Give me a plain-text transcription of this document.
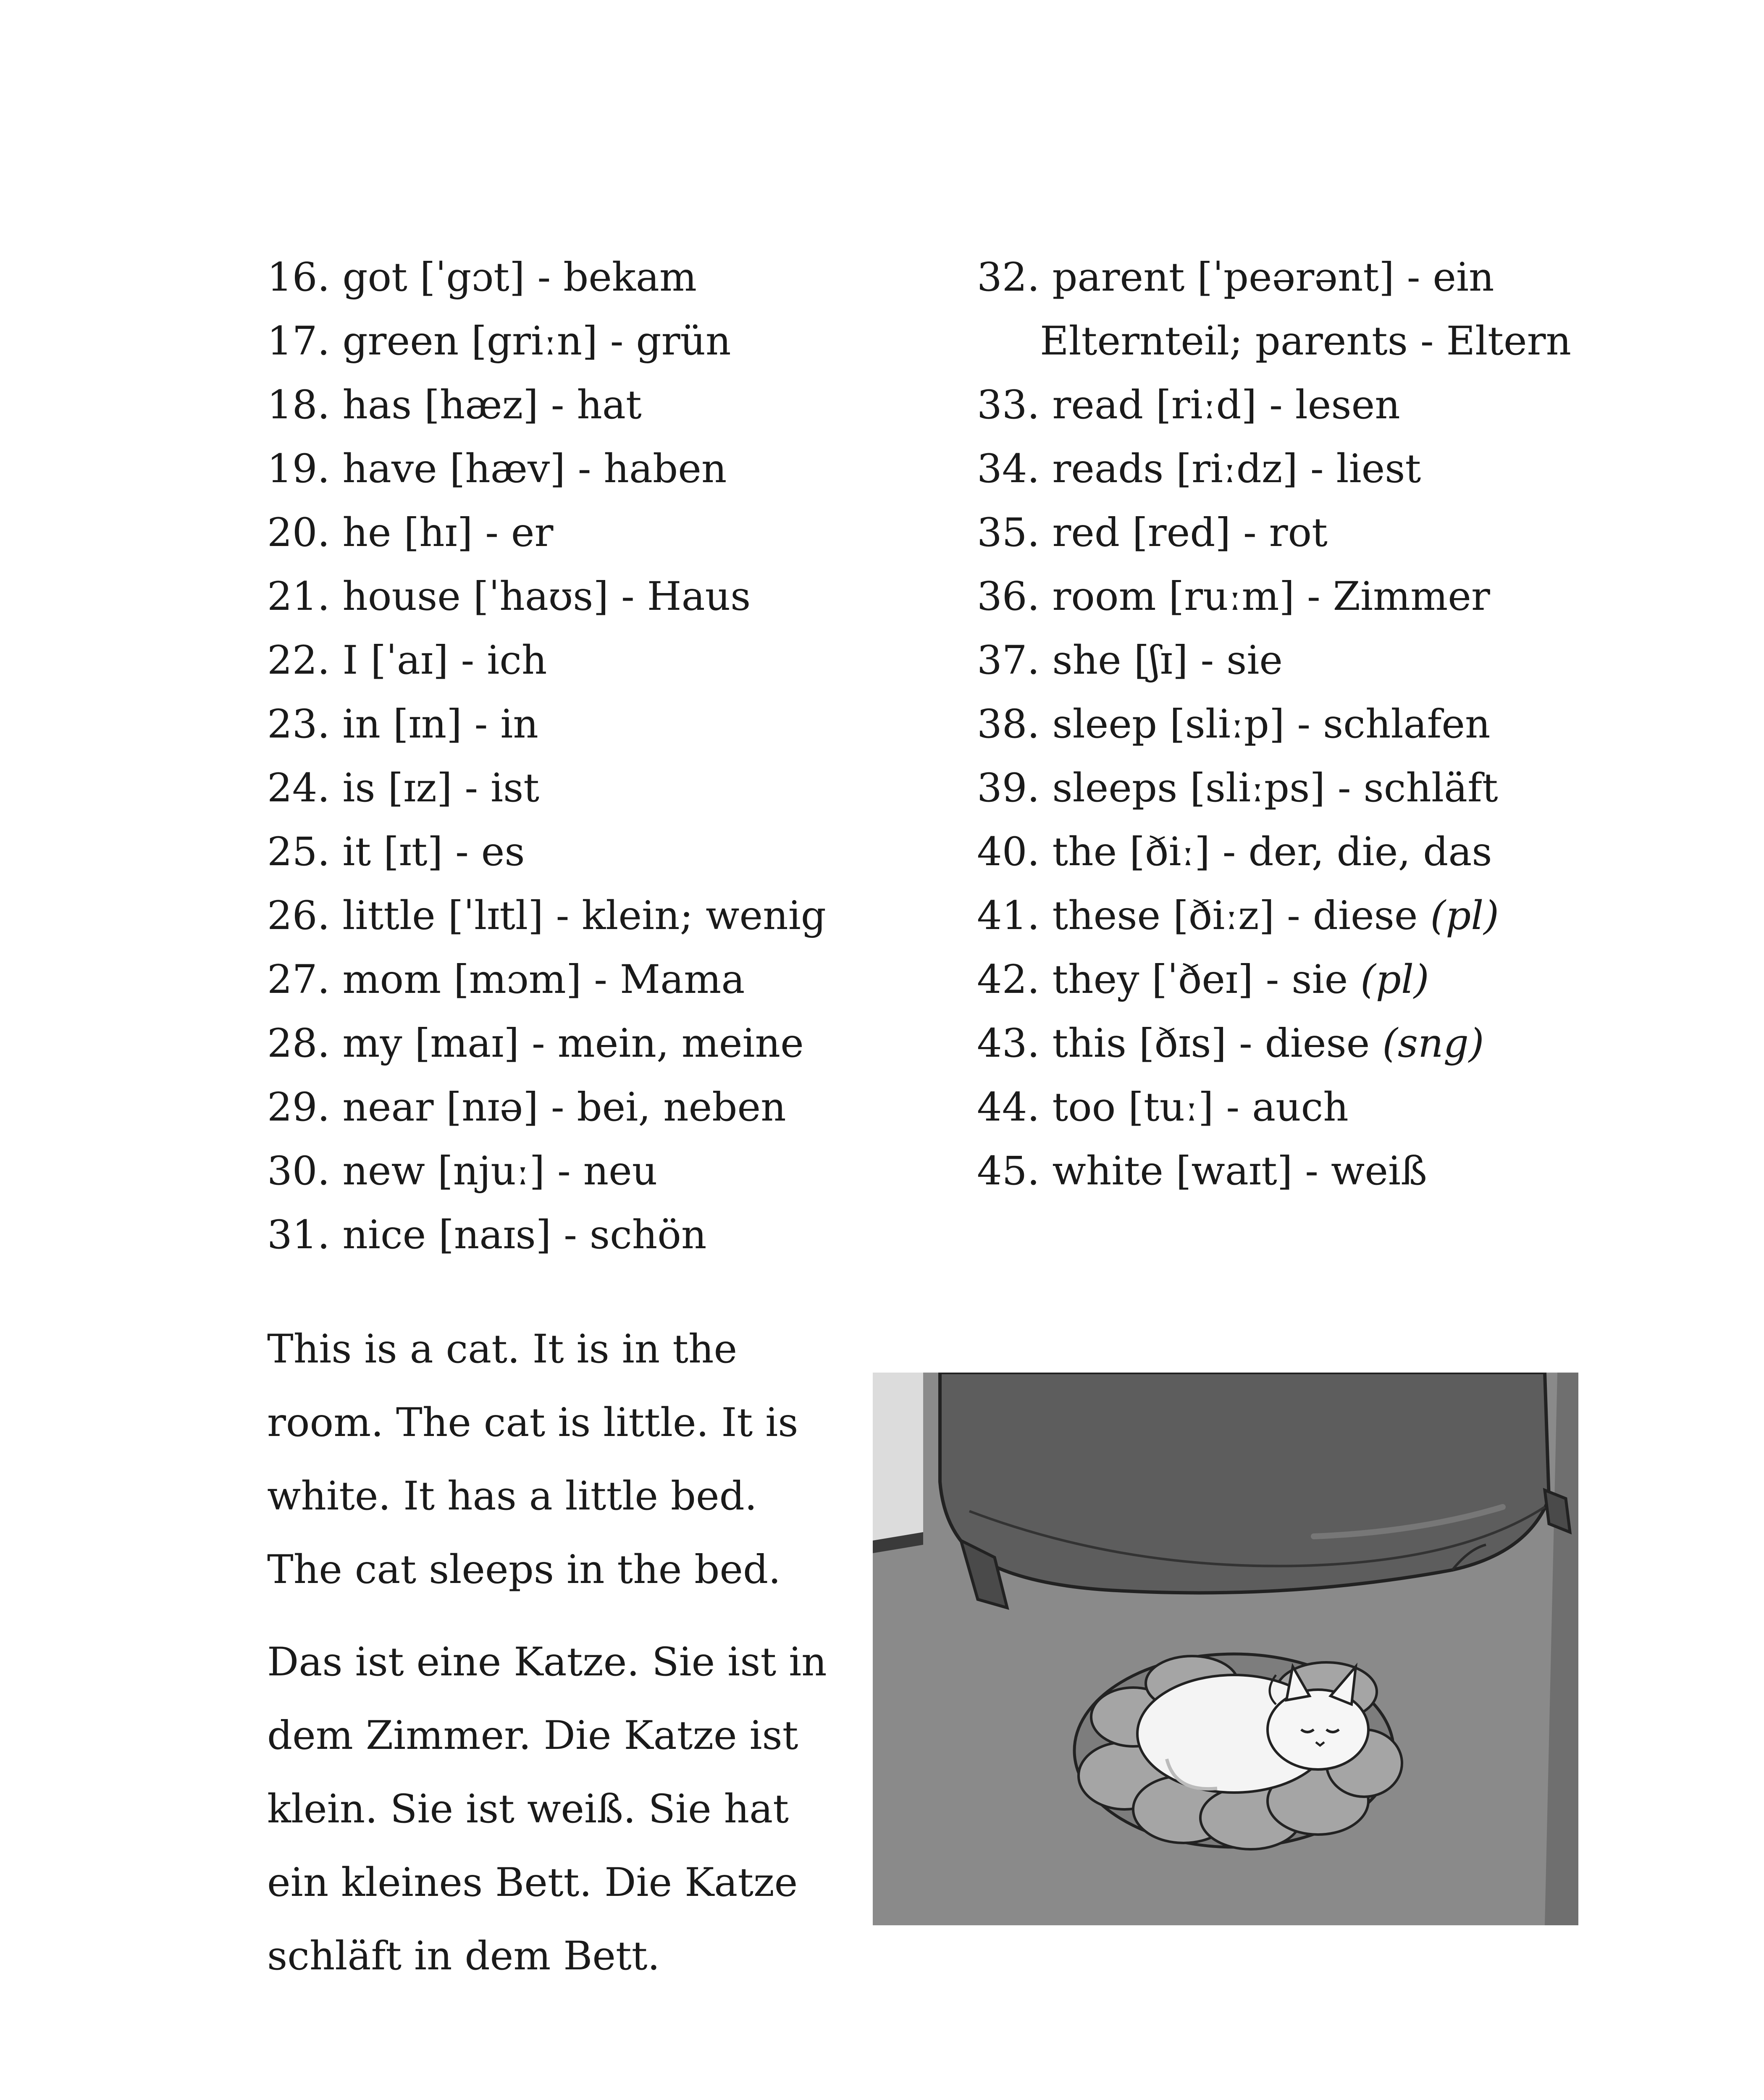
16. got [ˈgɔt] - bekam
17. green [griːn] - grün
18. has [hæz] - hat
19. have [hæv] - haben
20. he [hɪ] - er
21. house [ˈhaʊs] - Haus
22. I [ˈaɪ] - ich
23. in [ɪn] - in
24. is [ɪz] - ist
25. it [ɪt] - es
26. little [ˈlɪtl] - klein; wenig
27. mom [mɔm] - Mama
28. my [maɪ] - mein, meine
29. near [nɪə] - bei, neben
30. new [njuː] - neu
31. nice [naɪs] - schön
32. parent [ˈpeərənt] - ein
Elternteil; parents - Eltern
33. read [riːd] - lesen
34. reads [riːdz] - liest
35. red [red] - rot
36. room [ruːm] - Zimmer
37. she [ʃɪ] - sie
38. sleep [sliːp] - schlafen
39. sleeps [sliːps] - schläft
40. the [ðiː] - der, die, das
41. these [ðiːz] - diese (pl)
42. they [ˈðeɪ] - sie (pl)
43. this [ðɪs] - diese (sng)
44. too [tuː] - auch
45. white [waɪt] - weiß

This is a cat. It is in the room. The cat is little. It is white. It has a little bed. The cat sleeps in the bed.

Das ist eine Katze. Sie ist in dem Zimmer. Die Katze ist klein. Sie ist weiß. Sie hat ein kleines Bett. Die Katze schläft in dem Bett.
